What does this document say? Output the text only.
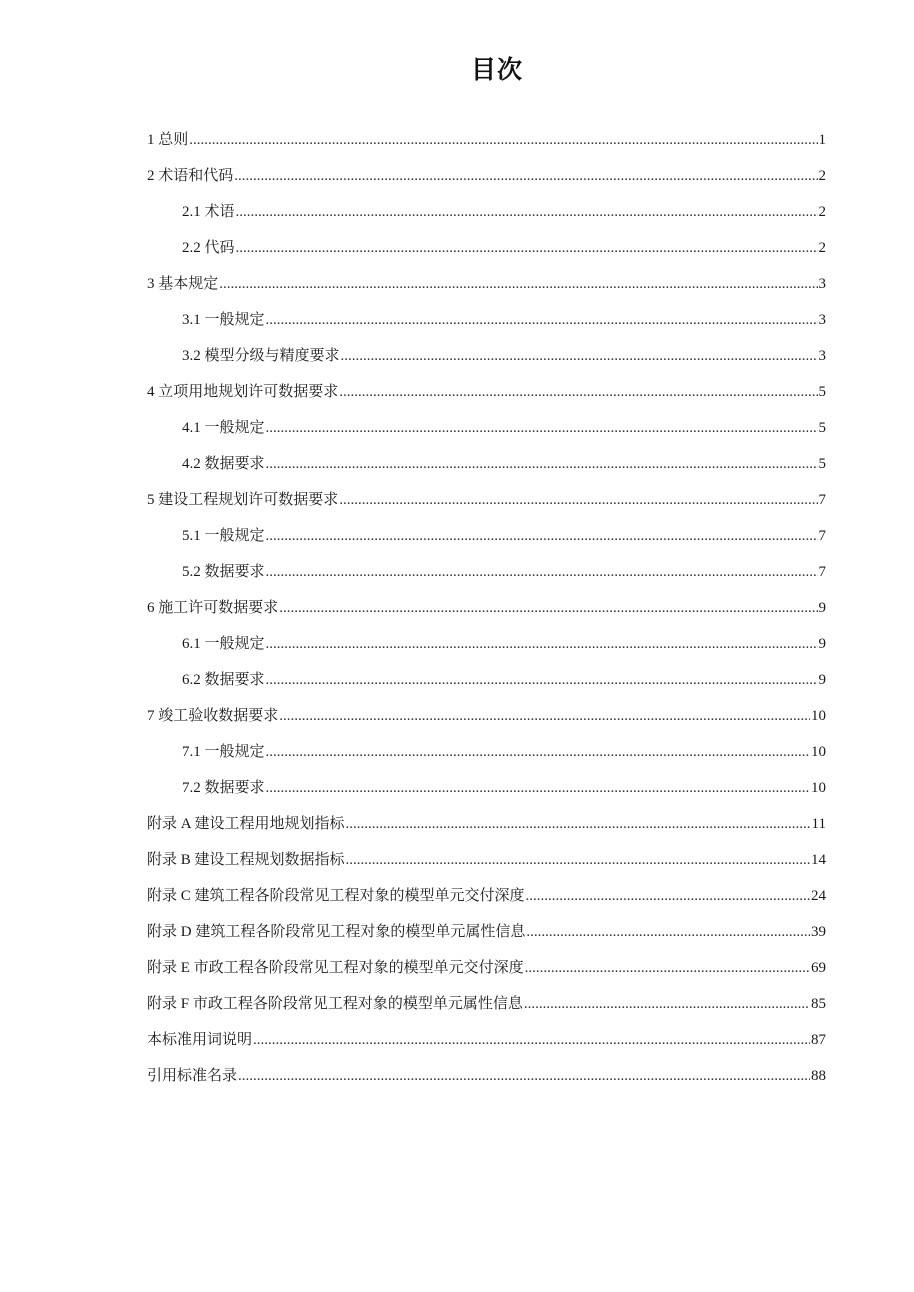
目次
1 总则 .....	1
2 术语和代码 .....	2
2.1 术语 .....	2
2.2 代码 .....	2
3 基本规定 .....	3
3.1 一般规定 .....	3
3.2 模型分级与精度要求 .....	3
4 立项用地规划许可数据要求 .....	5
4.1 一般规定 .....	5
4.2 数据要求 .....	5
5 建设工程规划许可数据要求 .....	7
5.1 一般规定 .....	7
5.2 数据要求 .....	7
6 施工许可数据要求 .....	9
6.1 一般规定 .....	9
6.2 数据要求 .....	9
7 竣工验收数据要求 .....	10
7.1 一般规定 .....	10
7.2 数据要求 .....	10
附录 A 建设工程用地规划指标 .....	11
附录 B 建设工程规划数据指标 .....	14
附录 C 建筑工程各阶段常见工程对象的模型单元交付深度 .....	24
附录 D 建筑工程各阶段常见工程对象的模型单元属性信息 .....	39
附录 E 市政工程各阶段常见工程对象的模型单元交付深度 .....	69
附录 F 市政工程各阶段常见工程对象的模型单元属性信息 .....	85
本标准用词说明 .....	87
引用标准名录 .....	88
